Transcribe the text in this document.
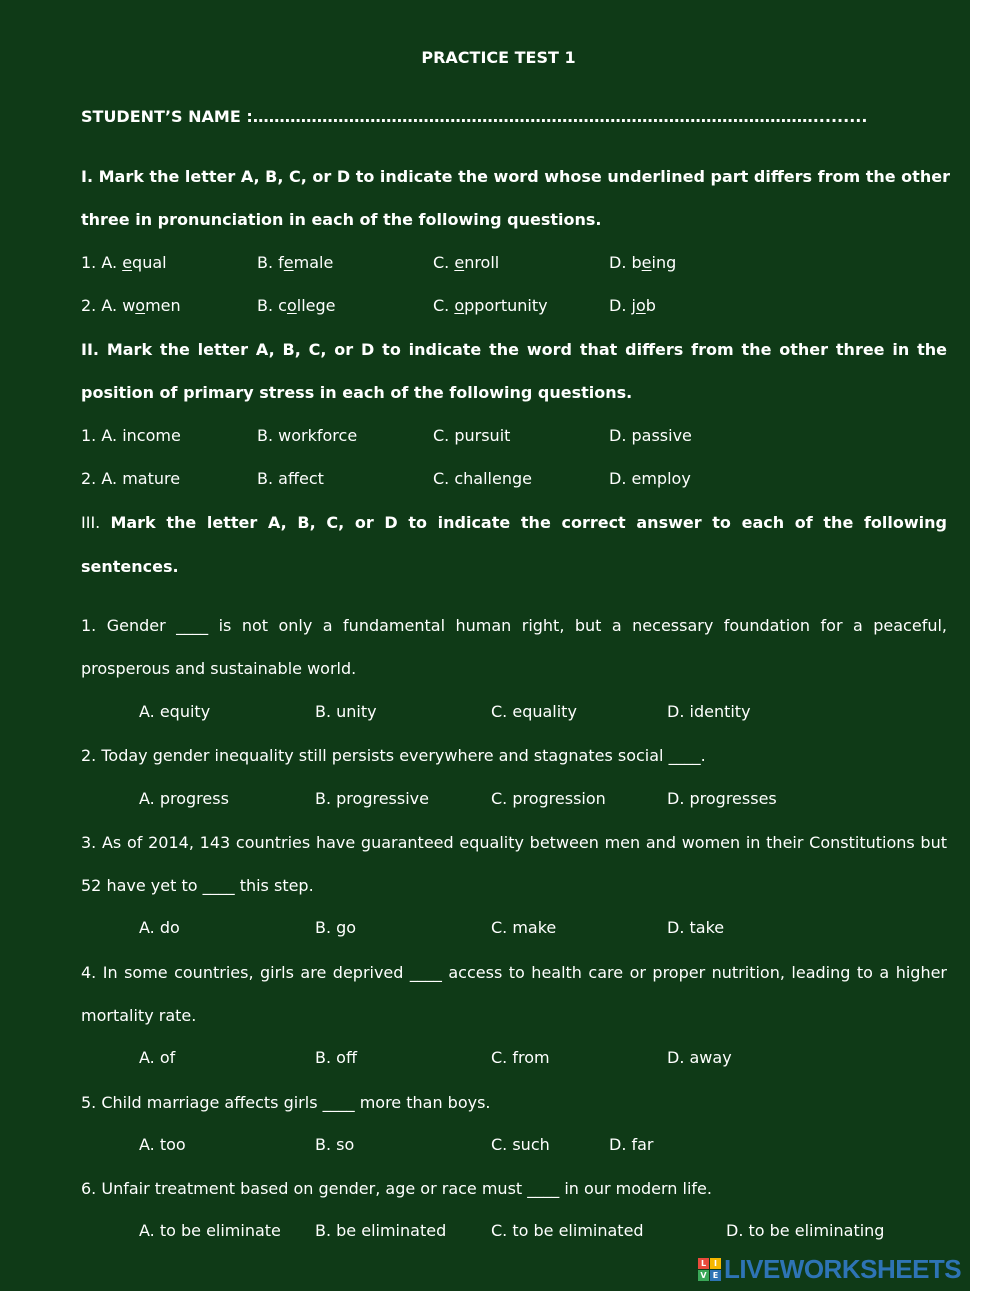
PRACTICE TEST 1
STUDENT’S NAME :…………………………………………………………………………………………….........
I. Mark the letter A, B, C, or D to indicate the word whose underlined part differs from the other
three in pronunciation in each of the following questions.
1. A. equal	B. female	C. enroll	D. being
2. A. women	B. college	C. opportunity	D. job
II. Mark the letter A, B, C, or D to indicate the word that differs from the other three in the
position of primary stress in each of the following questions.
1. A. income	B. workforce	C. pursuit	D. passive
2. A. mature	B. affect	C. challenge	D. employ
III. Mark the letter A, B, C, or D to indicate the correct answer to each of the following
sentences.
1. Gender ____ is not only a fundamental human right, but a necessary foundation for a peaceful,
prosperous and sustainable world.
A. equity	B. unity	C. equality	D. identity
2. Today gender inequality still persists everywhere and stagnates social ____.
A. progress	B. progressive	C. progression	D. progresses
3. As of 2014, 143 countries have guaranteed equality between men and women in their Constitutions but
52 have yet to ____ this step.
A. do	B. go	C. make	D. take
4. In some countries, girls are deprived ____ access to health care or proper nutrition, leading to a higher
mortality rate.
A. of	B. off	C. from	D. away
5. Child marriage affects girls ____ more than boys.
A. too	B. so	C. such	D. far
6. Unfair treatment based on gender, age or race must ____ in our modern life.
A. to be eliminate B. be eliminated	C. to be eliminated	D. to be eliminating
L I
V E LIVEWORKSHEETS
